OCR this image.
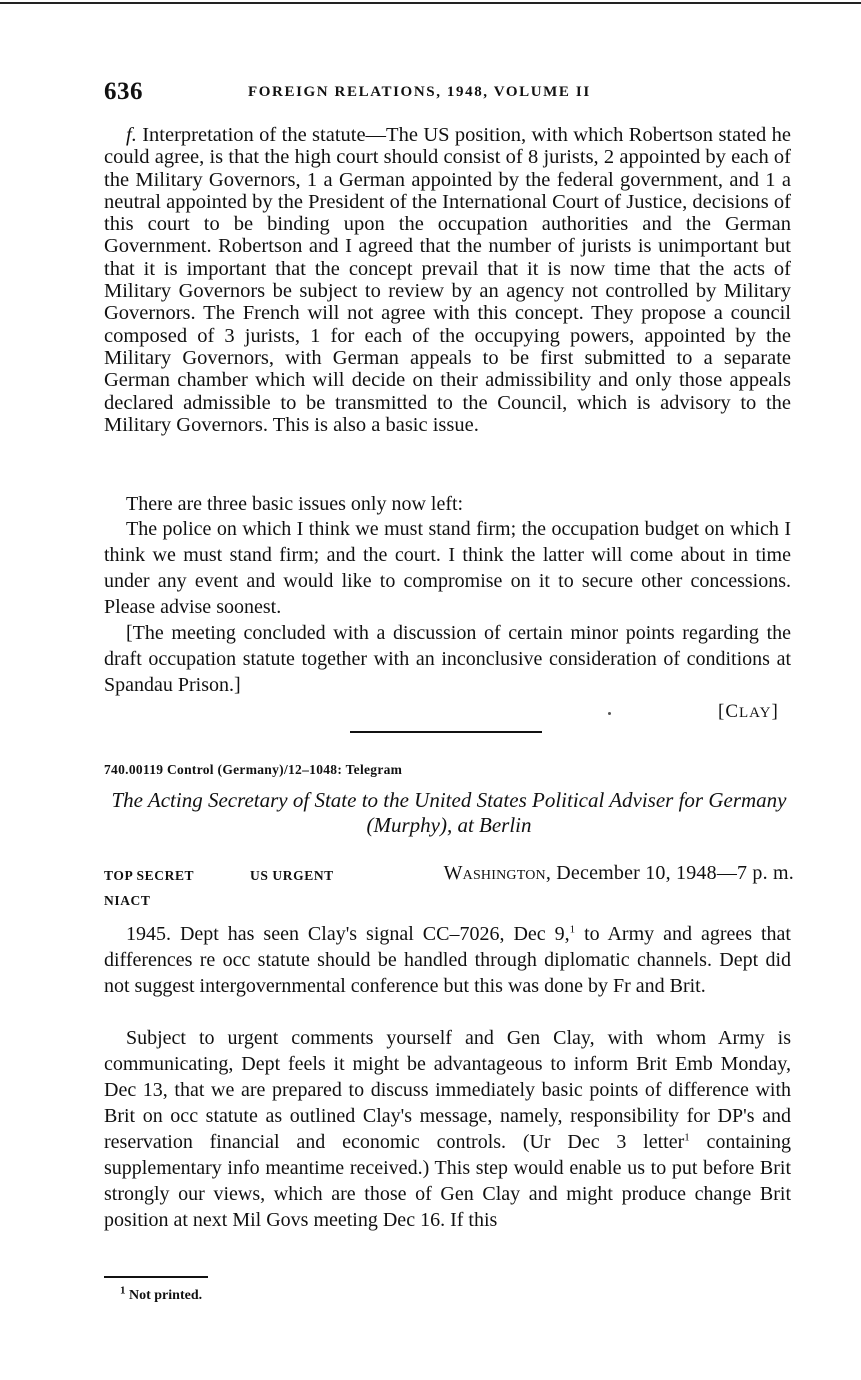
636	FOREIGN RELATIONS, 1948, VOLUME II

f. Interpretation of the statute—The US position, with which Robertson stated he could agree, is that the high court should consist of 8 jurists, 2 appointed by each of the Military Governors, 1 a German appointed by the federal government, and 1 a neutral appointed by the President of the International Court of Justice, decisions of this court to be binding upon the occupation authorities and the German Government. Robertson and I agreed that the number of jurists is unimportant but that it is important that the concept prevail that it is now time that the acts of Military Governors be subject to review by an agency not controlled by Military Governors. The French will not agree with this concept. They propose a council composed of 3 jurists, 1 for each of the occupying powers, appointed by the Military Governors, with German appeals to be first submitted to a separate German chamber which will decide on their admissibility and only those appeals declared admissible to be transmitted to the Council, which is advisory to the Military Governors. This is also a basic issue.

There are three basic issues only now left:

The police on which I think we must stand firm; the occupation budget on which I think we must stand firm; and the court. I think the latter will come about in time under any event and would like to compromise on it to secure other concessions. Please advise soonest.

[The meeting concluded with a discussion of certain minor points regarding the draft occupation statute together with an inconclusive consideration of conditions at Spandau Prison.]

[CLAY]
740.00119 Control (Germany)/12–1048: Telegram
The Acting Secretary of State to the United States Political Adviser for Germany (Murphy), at Berlin
TOP SECRET	US URGENT	Washington, December 10, 1948—7 p. m.
NIACT

1945. Dept has seen Clay's signal CC–7026, Dec 9,$^1$ to Army and agrees that differences re occ statute should be handled through diplomatic channels. Dept did not suggest intergovernmental conference but this was done by Fr and Brit.

Subject to urgent comments yourself and Gen Clay, with whom Army is communicating, Dept feels it might be advantageous to inform Brit Emb Monday, Dec 13, that we are prepared to discuss immediately basic points of difference with Brit on occ statute as outlined Clay's message, namely, responsibility for DP's and reservation financial and economic controls. (Ur Dec 3 letter$^1$ containing supplementary info meantime received.) This step would enable us to put before Brit strongly our views, which are those of Gen Clay and might produce change Brit position at next Mil Govs meeting Dec 16. If this

$^1$ Not printed.
